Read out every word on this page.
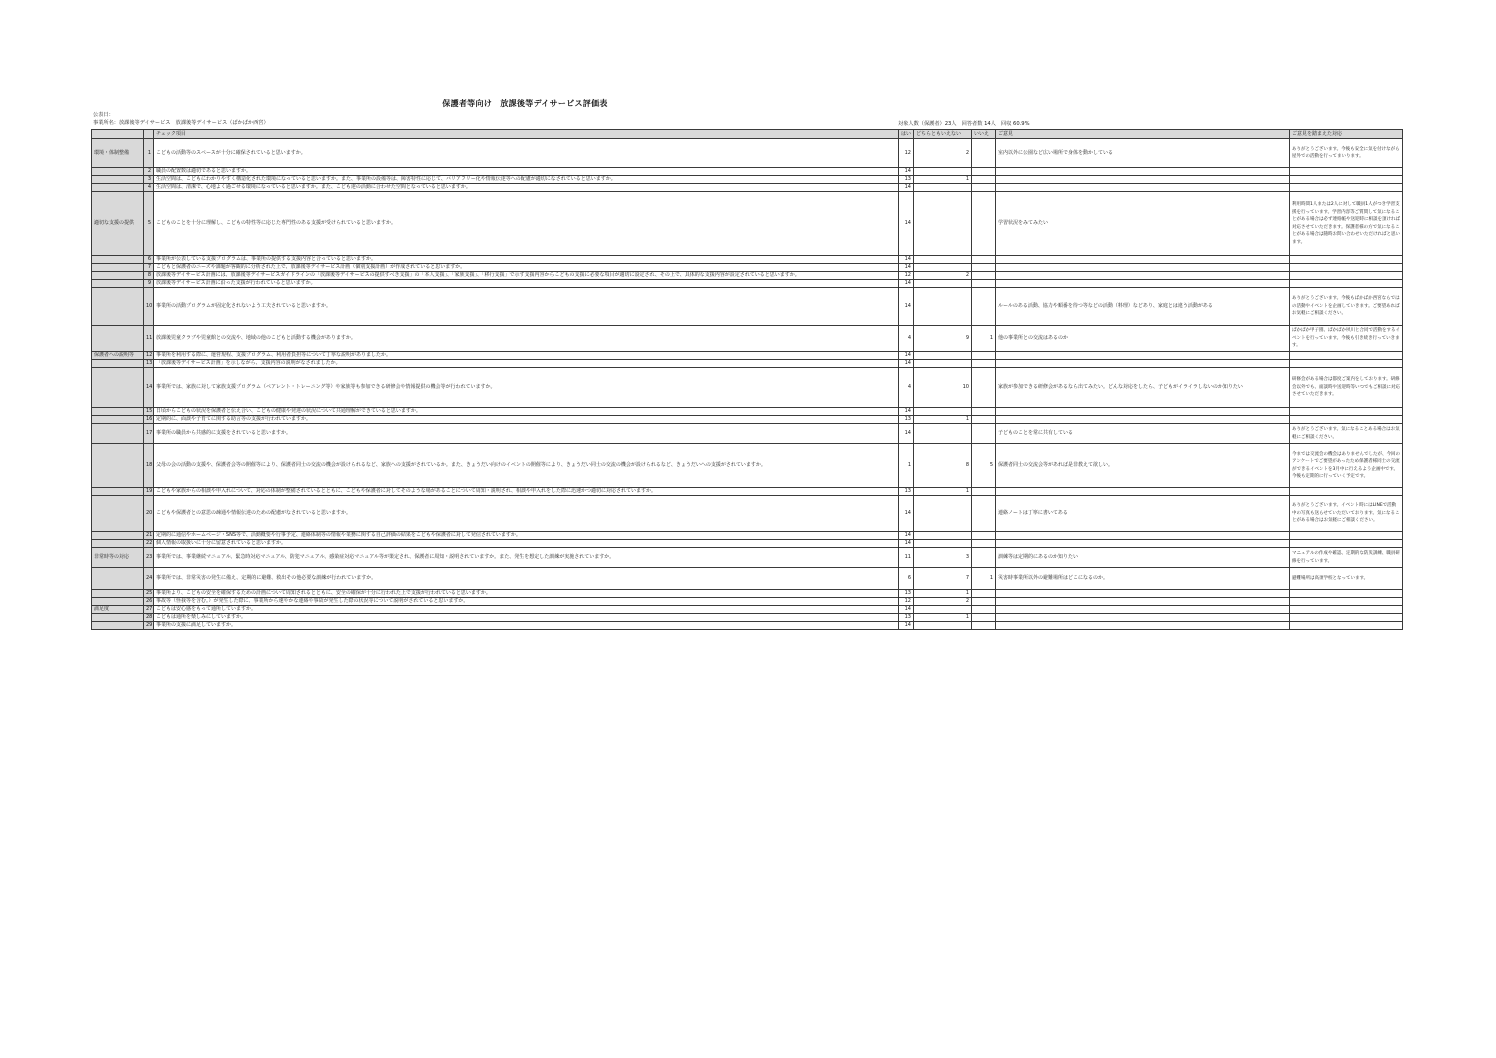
保護者等向け　放課後等デイサービス評価表
公表日：
事業所名：放課後等デイサービス　放課後等デイサービス（ぱかぱか西宮）	対象人数（保護者）23人　回答者数 14人　回収 60.9%
		チェック項目	はい	どちらともいえない	いいえ	ご意見	ご意見を踏まえた対応
環境・体制整備	1	こどもの活動等のスペースが十分に確保されていると思いますか。	12	2		室内以外に公園など広い場所で身体を動かしている	ありがとうございます。今後も安全に気を付けながら屋外での活動を行ってまいります。
	2	職員の配置数は適切であると思いますか。	14				
	3	生活空間は、こどもにわかりやすく構造化された環境になっていると思いますか。また、事業所の設備等は、障害特性に応じて、バリアフリー化や情報伝達等への配慮が適切になされていると思いますか。	13	1			
	4	生活空間は、清潔で、心地よく過ごせる環境になっていると思いますか。また、こども達の活動に合わせた空間となっていると思いますか。	14				
適切な支援の提供	5	こどものことを十分に理解し、こどもの特性等に応じた専門性のある支援が受けられていると思いますか。	14			学習状況をみてみたい	利用時間1人または2人に対して職員1人がつき学習支援を行っています。学習内容等ご質問して気になることがある場合は必ず連絡帳や送迎時に相談を頂ければ対応させていただきます。保護者様の方で気になることがある場合は随時お問い合わせいただければと思います。
	6	事業所が公表している支援プログラムは、事業所の提供する支援内容と合っていると思いますか。	14				
	7	こどもと保護者のニーズや課題が客観的に分析された上で、放課後等デイサービス計画（個別支援計画）が作成されていると思いますか。	14				
	8	放課後等デイサービス計画には、放課後等デイサービスガイドラインの「放課後等デイサービスの提供すべき支援」の「本人支援」、「家族支援」、「移行支援」で示す支援内容からこどもの支援に必要な項目が適切に設定され、その上で、具体的な支援内容が設定されていると思いますか。	12	2			
	9	放課後等デイサービス計画に沿った支援が行われていると思いますか。	14				
	10	事業所の活動プログラムが固定化されないよう工夫されていると思いますか。	14			ルールのある活動、協力や順番を待つ等などの活動（料理）などあり、家庭とは違う活動がある	ありがとうございます。今後もぱかぱか西宮ならではの活動やイベントを企画していきます。ご要望あればお気軽にご相談ください。
	11	放課後児童クラブや児童館との交流や、地域の他のこどもと活動する機会がありますか。	4	9	1	他の事業所との交流はあるのか	ぱかぱか甲子園、ぱかぱか夙川と合同で活動をするイベントを行っています。今後も引き続き行っていきます。
保護者への説明等	12	事業所を利用する際に、運営規程、支援プログラム、利用者負担等について丁寧な説明がありましたか。	14				
	13	「放課後等デイサービス計画」を示しながら、支援内容の説明がなされましたか。	14				
	14	事業所では、家族に対して家族支援プログラム（ペアレント・トレーニング等）や家族等も参加できる研修会や情報提供の機会等が行われていますか。	4	10		家族が参加できる研修会があるなら出てみたい。どんな対応をしたら、子どもがイライラしないのか知りたい	研修会がある場合は都度ご案内をしております。研修会以外でも、面談時や送迎時等いつでもご相談に対応させていただきます。
	15	日頃からこどもの状況を保護者と伝え合い、こどもの健康や発達の状況について共通理解ができていると思いますか。	14				
	16	定期的に、面談や子育てに関する助言等の支援が行われていますか。	13	1			
	17	事業所の職員から共感的に支援をされていると思いますか。	14			子どものことを常に共有している	ありがとうございます。気になることある場合はお気軽にご相談ください。
	18	父母の会の活動の支援や、保護者会等の開催等により、保護者同士の交流の機会が設けられるなど、家族への支援がされているか。また、きょうだい向けのイベントの開催等により、きょうだい同士の交流の機会が設けられるなど、きょうだいへの支援がされていますか。	1	8	5	保護者同士の交流会等があれば是非教えて欲しい。	今までは交流会の機会はありませんでしたが、今回のアンケートでご要望があったため保護者様同士の交流ができるイベントを3月中に行えるよう企画中です。今後も定期的に行っていく予定です。
	19	こどもや家族からの相談や申入れについて、対応の体制が整備されているとともに、こどもや保護者に対してそのような場があることについて周知・説明され、相談や申入れをした際に迅速かつ適切に対応されていますか。	13	1			
	20	こどもや保護者との意思の疎通や情報伝達のための配慮がなされていると思いますか。	14			連絡ノートは丁寧に書いてある	ありがとうございます。イベント時にはLINEで活動中の写真も送らせていただいております。気になることがある場合はお気軽にご相談ください。
	21	定期的に通信やホームページ・SNS等で、活動概要や行事予定、連絡体制等の情報や業務に関する自己評価の結果をこどもや保護者に対して発信されていますか。	14				
	22	個人情報の取扱いに十分に留意されていると思いますか。	14				
非常時等の対応	23	事業所では、事業継続マニュアル、緊急時対応マニュアル、防犯マニュアル、感染症対応マニュアル等が策定され、保護者に周知・説明されていますか。また、発生を想定した訓練が実施されていますか。	11	3		訓練等は定期的にあるのか知りたい	マニュアルの作成や確認、定期的な防災訓練、職員研修を行っています。
	24	事業所では、非常災害の発生に備え、定期的に避難、救出その他必要な訓練が行われていますか。	6	7	1	災害時事業所以外の避難場所はどこになるのか。	避難場所は高須学校となっています。
	25	事業所より、こどもの安全を確保するための計画について周知されるとともに、安全の確保が十分に行われた上で支援が行われていると思いますか。	13	1			
	26	事故等（怪我等を含む。）が発生した際に、事業所から速やかな連絡や事故が発生した際の状況等について説明がされていると思いますか。	12	2			
満足度	27	こどもは安心感をもって通所していますか。	14				
	28	こどもは通所を楽しみにしていますか。	13	1			
	29	事業所の支援に満足していますか。	14				
